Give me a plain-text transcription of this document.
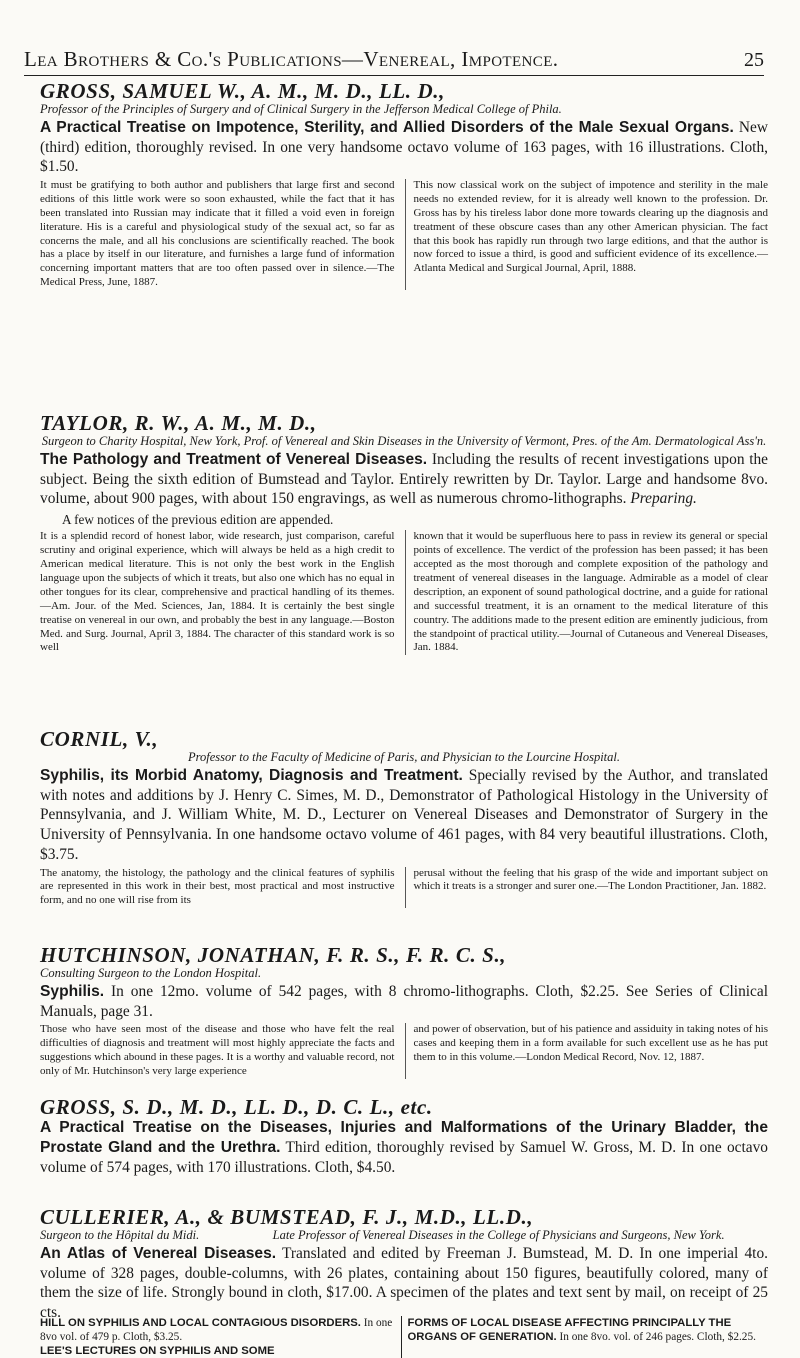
Lea Brothers & Co.'s Publications—Venereal, Impotence.	25
GROSS, SAMUEL W., A. M., M. D., LL. D.,
Professor of the Principles of Surgery and of Clinical Surgery in the Jefferson Medical College of Phila.

A Practical Treatise on Impotence, Sterility, and Allied Disorders of the Male Sexual Organs. New (third) edition, thoroughly revised. In one very handsome octavo volume of 163 pages, with 16 illustrations. Cloth, $1.50.

It must be gratifying to both author and publishers that large first and second editions of this little work were so soon exhausted, while the fact that it has been translated into Russian may indicate that it filled a void even in foreign literature. His is a careful and physiological study of the sexual act, so far as concerns the male, and all his conclusions are scientifically reached. The book has a place by itself in our literature, and furnishes a large fund of information concerning important matters that are too often passed over in silence.—The Medical Press, June, 1887.
This now classical work on the subject of impotence and sterility in the male needs no extended review, for it is already well known to the profession. Dr. Gross has by his tireless labor done more towards clearing up the diagnosis and treatment of these obscure cases than any other American physician. The fact that this book has rapidly run through two large editions, and that the author is now forced to issue a third, is good and sufficient evidence of its excellence.—Atlanta Medical and Surgical Journal, April, 1888.
TAYLOR, R. W., A. M., M. D.,
Surgeon to Charity Hospital, New York, Prof. of Venereal and Skin Diseases in the University of Vermont, Pres. of the Am. Dermatological Ass'n.

The Pathology and Treatment of Venereal Diseases. Including the results of recent investigations upon the subject. Being the sixth edition of Bumstead and Taylor. Entirely rewritten by Dr. Taylor. Large and handsome 8vo. volume, about 900 pages, with about 150 engravings, as well as numerous chromo-lithographs. Preparing.

A few notices of the previous edition are appended.

It is a splendid record of honest labor, wide research, just comparison, careful scrutiny and original experience, which will always be held as a high credit to American medical literature. This is not only the best work in the English language upon the subjects of which it treats, but also one which has no equal in other tongues for its clear, comprehensive and practical handling of its themes.—Am. Jour. of the Med. Sciences, Jan, 1884. It is certainly the best single treatise on venereal in our own, and probably the best in any language.—Boston Med. and Surg. Journal, April 3, 1884. The character of this standard work is so well
known that it would be superfluous here to pass in review its general or special points of excellence. The verdict of the profession has been passed; it has been accepted as the most thorough and complete exposition of the pathology and treatment of venereal diseases in the language. Admirable as a model of clear description, an exponent of sound pathological doctrine, and a guide for rational and successful treatment, it is an ornament to the medical literature of this country. The additions made to the present edition are eminently judicious, from the standpoint of practical utility.—Journal of Cutaneous and Venereal Diseases, Jan. 1884.
CORNIL, V.,
Professor to the Faculty of Medicine of Paris, and Physician to the Lourcine Hospital.

Syphilis, its Morbid Anatomy, Diagnosis and Treatment. Specially revised by the Author, and translated with notes and additions by J. Henry C. Simes, M. D., Demonstrator of Pathological Histology in the University of Pennsylvania, and J. William White, M. D., Lecturer on Venereal Diseases and Demonstrator of Surgery in the University of Pennsylvania. In one handsome octavo volume of 461 pages, with 84 very beautiful illustrations. Cloth, $3.75.

The anatomy, the histology, the pathology and the clinical features of syphilis are represented in this work in their best, most practical and most instructive form, and no one will rise from its
perusal without the feeling that his grasp of the wide and important subject on which it treats is a stronger and surer one.—The London Practitioner, Jan. 1882.
HUTCHINSON, JONATHAN, F. R. S., F. R. C. S.,
Consulting Surgeon to the London Hospital.

Syphilis. In one 12mo. volume of 542 pages, with 8 chromo-lithographs. Cloth, $2.25. See Series of Clinical Manuals, page 31.

Those who have seen most of the disease and those who have felt the real difficulties of diagnosis and treatment will most highly appreciate the facts and suggestions which abound in these pages. It is a worthy and valuable record, not only of Mr. Hutchinson's very large experience
and power of observation, but of his patience and assiduity in taking notes of his cases and keeping them in a form available for such excellent use as he has put them to in this volume.—London Medical Record, Nov. 12, 1887.
GROSS, S. D., M. D., LL. D., D. C. L., etc.

A Practical Treatise on the Diseases, Injuries and Malformations of the Urinary Bladder, the Prostate Gland and the Urethra. Third edition, thoroughly revised by Samuel W. Gross, M. D. In one octavo volume of 574 pages, with 170 illustrations. Cloth, $4.50.

CULLERIER, A., & BUMSTEAD, F. J., M.D., LL.D.,
Surgeon to the Hôpital du Midi.	Late Professor of Venereal Diseases in the College of Physicians and Surgeons, New York.

An Atlas of Venereal Diseases. Translated and edited by Freeman J. Bumstead, M. D. In one imperial 4to. volume of 328 pages, double-columns, with 26 plates, containing about 150 figures, beautifully colored, many of them the size of life. Strongly bound in cloth, $17.00. A specimen of the plates and text sent by mail, on receipt of 25 cts.

HILL ON SYPHILIS AND LOCAL CONTAGIOUS DISORDERS. In one 8vo vol. of 479 p. Cloth, $3.25.
LEE'S LECTURES ON SYPHILIS AND SOME
FORMS OF LOCAL DISEASE AFFECTING PRINCIPALLY THE ORGANS OF GENERATION. In one 8vo. vol. of 246 pages. Cloth, $2.25.
